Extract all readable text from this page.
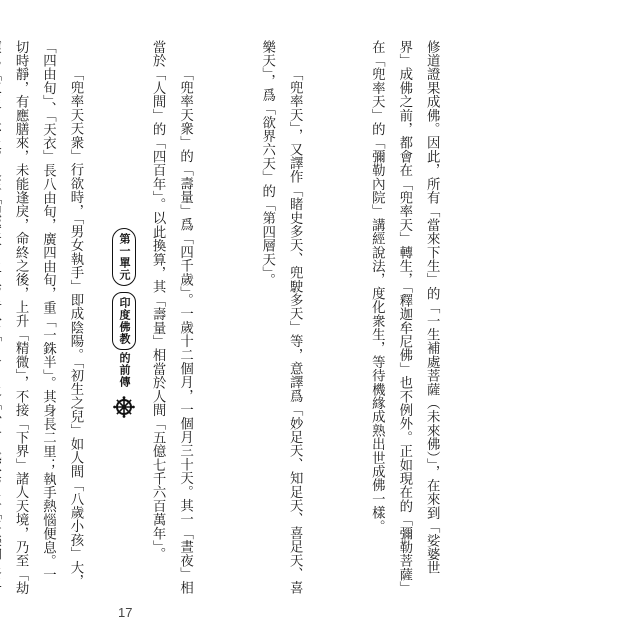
修道證果成佛。因此，所有「當來下生」的「一生補處菩薩（未來佛）」，在來到「娑婆世界」成佛之前，都會在「兜率天」轉生，「釋迦牟尼佛」也不例外。正如現在的「彌勒菩薩」在「兜率天」的「彌勒內院」講經說法，度化衆生，等待機緣成熟出世成佛一樣。

「兜率天」，又譯作「睹史多天、兜駛多天」等，意譯爲「妙足天、知足天、喜足天、喜樂天」，爲「欲界六天」的「第四層天」。

「兜率天衆」的「壽量」爲「四千歲」。一歲十二個月，一個月三十天。其一「晝夜」相當於「人間」的「四百年」。以此換算，其「壽量」相當於人間「五億七千六百萬年」。

「兜率天天衆」行欲時，「男女執手」即成陰陽。「初生之兒」如人間「八歲小孩」大，「四由旬」、「天衣」長八由旬，廣四由旬，重「一銖半」。其身長二里；執手熱惱便息。一切時靜，有應膳來，未能逢戾，命終之後，上升「精微」，不接「下界」諸人天境，乃至「劫

第一單元
印度佛教
的前傳
17
